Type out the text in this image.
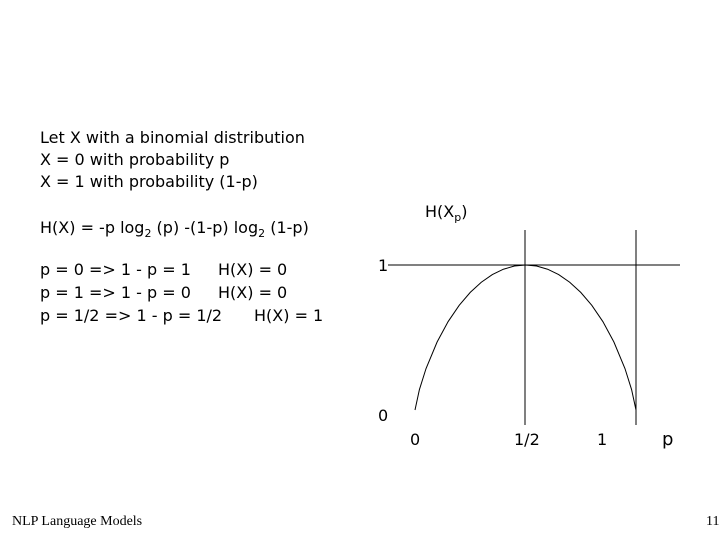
Let X with a binomial distribution
X = 0 with probability p
X = 1 with probability (1-p)
H(X) = -p $\log_2 (p)$ -(1-p) $\log_2 (1-p)$
p = 0 => 1 - p = 1 H(X) = 0
p = 1 => 1 - p = 0 H(X) = 0
p = 1/2 => 1 - p = 1/2 H(X) = 1
$H(X_p)$
1
0
0	1/2	1	p
NLP Language Models	11
